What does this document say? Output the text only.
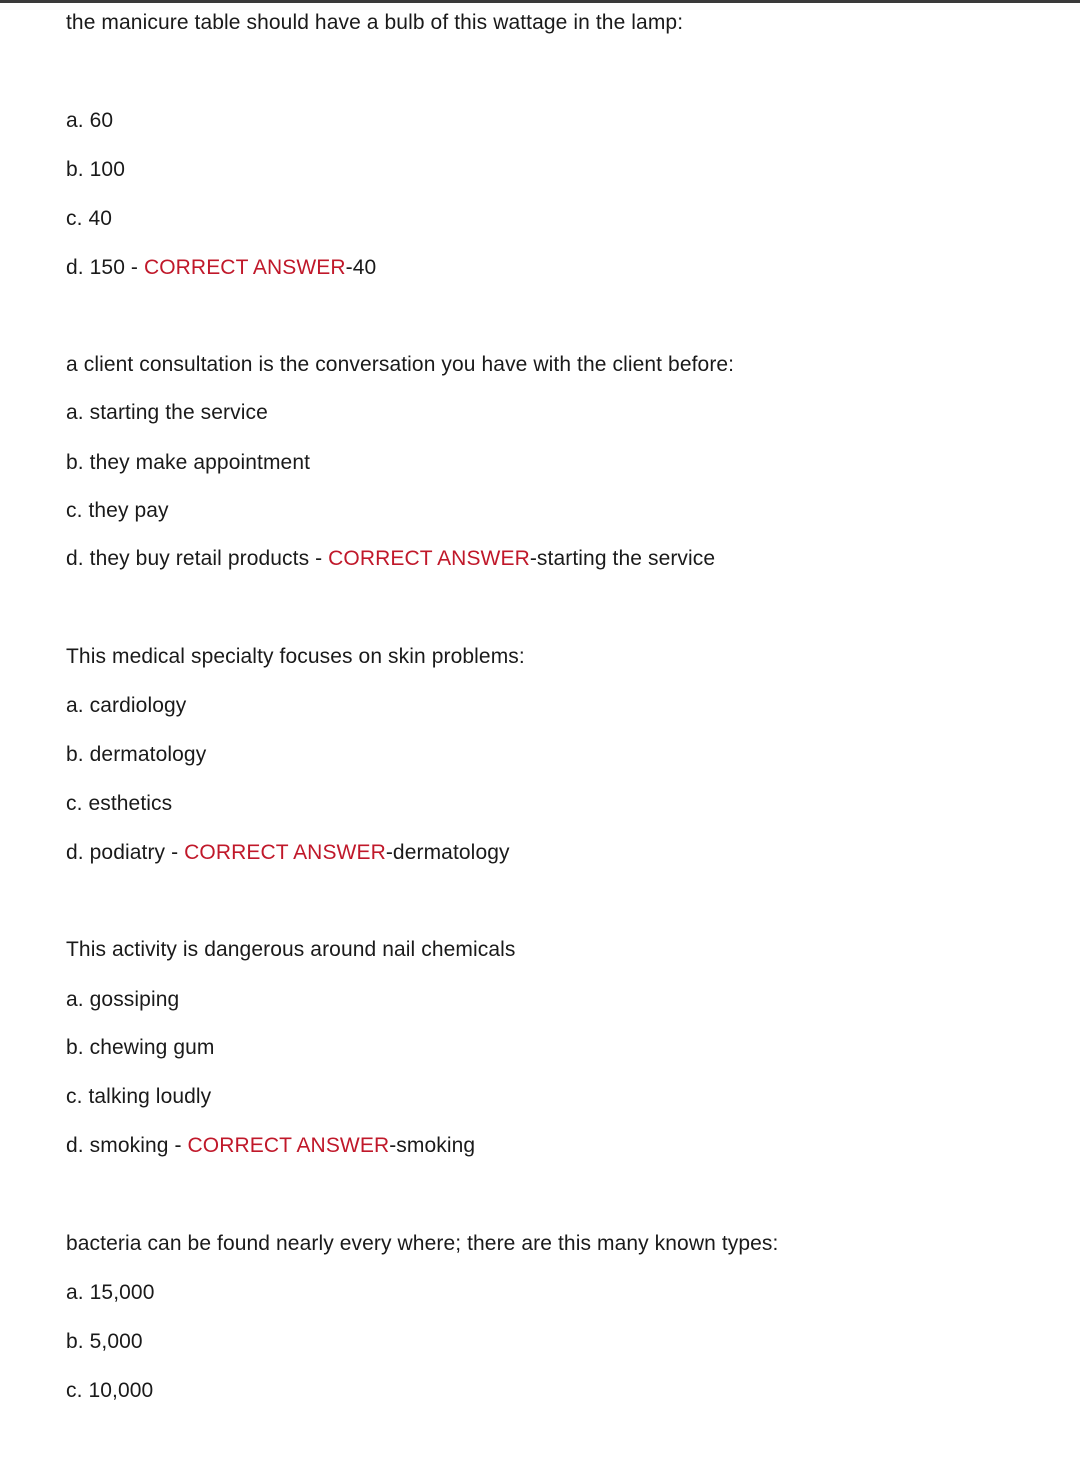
the manicure table should have a bulb of this wattage in the lamp:
a. 60
b. 100
c. 40
d. 150 - CORRECT ANSWER-40
a client consultation is the conversation you have with the client before:
a. starting the service
b. they make appointment
c. they pay
d. they buy retail products - CORRECT ANSWER-starting the service
This medical specialty focuses on skin problems:
a. cardiology
b. dermatology
c. esthetics
d. podiatry - CORRECT ANSWER-dermatology
This activity is dangerous around nail chemicals
a. gossiping
b. chewing gum
c. talking loudly
d. smoking - CORRECT ANSWER-smoking
bacteria can be found nearly every where; there are this many known types:
a. 15,000
b. 5,000
c. 10,000
